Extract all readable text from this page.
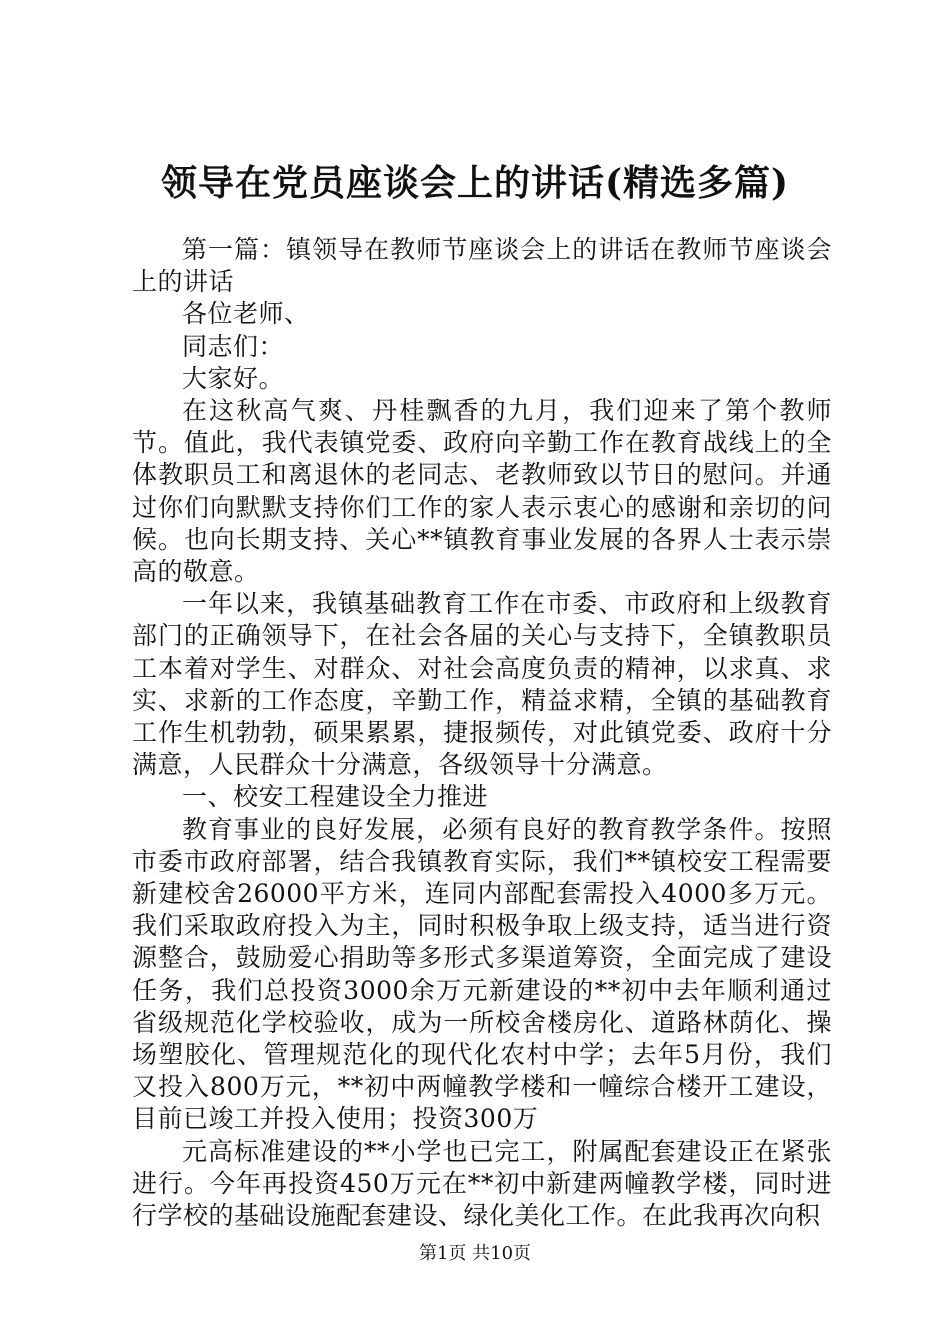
领导在党员座谈会上的讲话(精选多篇)

第一篇：镇领导在教师节座谈会上的讲话在教师节座谈会上的讲话

各位老师、

同志们：

大家好。

在这秋高气爽、丹桂飘香的九月，我们迎来了第个教师节。值此，我代表镇党委、政府向辛勤工作在教育战线上的全体教职员工和离退休的老同志、老教师致以节日的慰问。并通过你们向默默支持你们工作的家人表示衷心的感谢和亲切的问候。也向长期支持、关心**镇教育事业发展的各界人士表示崇高的敬意。

一年以来，我镇基础教育工作在市委、市政府和上级教育部门的正确领导下，在社会各届的关心与支持下，全镇教职员工本着对学生、对群众、对社会高度负责的精神，以求真、求实、求新的工作态度，辛勤工作，精益求精，全镇的基础教育工作生机勃勃，硕果累累，捷报频传，对此镇党委、政府十分满意，人民群众十分满意，各级领导十分满意。

一、校安工程建设全力推进

教育事业的良好发展，必须有良好的教育教学条件。按照市委市政府部署，结合我镇教育实际，我们**镇校安工程需要新建校舍26000平方米，连同内部配套需投入4000多万元。我们采取政府投入为主，同时积极争取上级支持，适当进行资源整合，鼓励爱心捐助等多形式多渠道筹资，全面完成了建设任务，我们总投资3000余万元新建设的**初中去年顺利通过省级规范化学校验收，成为一所校舍楼房化、道路林荫化、操场塑胶化、管理规范化的现代化农村中学；去年5月份，我们又投入800万元，**初中两幢教学楼和一幢综合楼开工建设，目前已竣工并投入使用；投资300万

元高标准建设的**小学也已完工，附属配套建设正在紧张进行。今年再投资450万元在**初中新建两幢教学楼，同时进行学校的基础设施配套建设、绿化美化工作。在此我再次向积

第1页 共10页
